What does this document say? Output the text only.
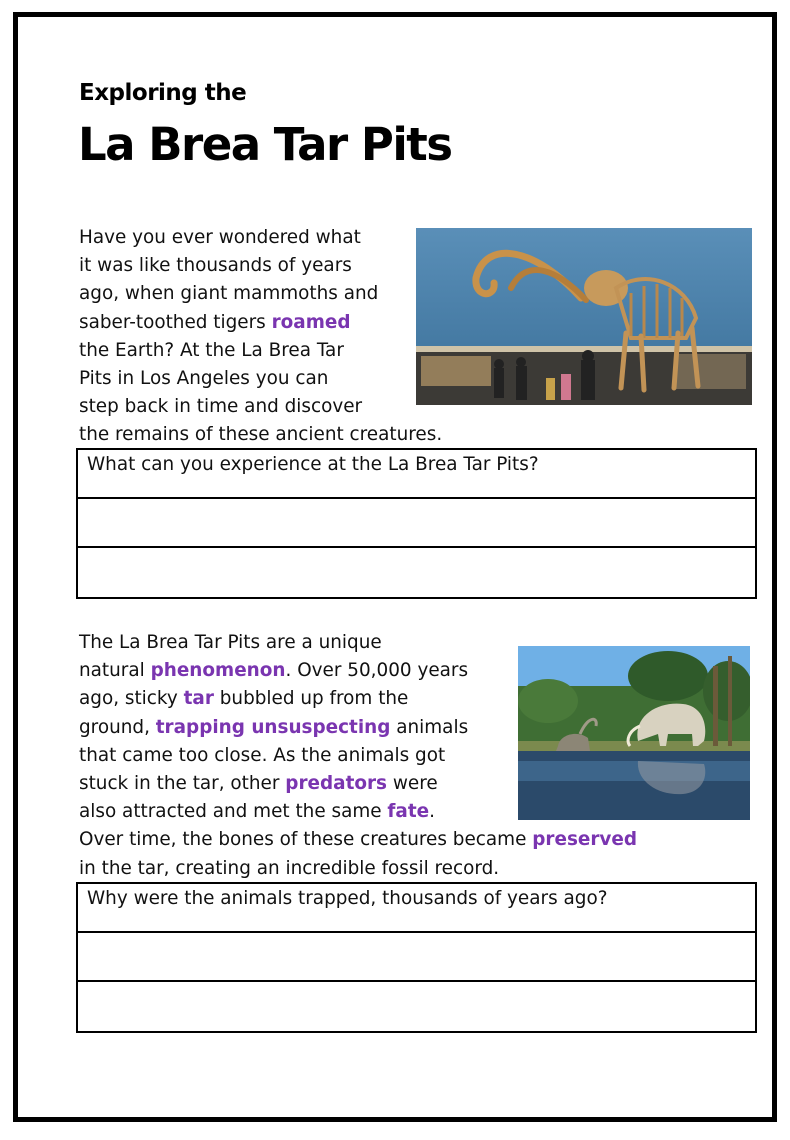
Exploring the
La Brea Tar Pits
Have you ever wondered what
it was like thousands of years
ago, when giant mammoths and
saber-toothed tigers roamed
the Earth? At the La Brea Tar
Pits in Los Angeles you can
step back in time and discover
the remains of these ancient creatures.
What can you experience at the La Brea Tar Pits?
The La Brea Tar Pits are a unique
natural phenomenon. Over 50,000 years
ago, sticky tar bubbled up from the
ground, trapping unsuspecting animals
that came too close. As the animals got
stuck in the tar, other predators were
also attracted and met the same fate.
Over time, the bones of these creatures became preserved
in the tar, creating an incredible fossil record.
Why were the animals trapped, thousands of years ago?
